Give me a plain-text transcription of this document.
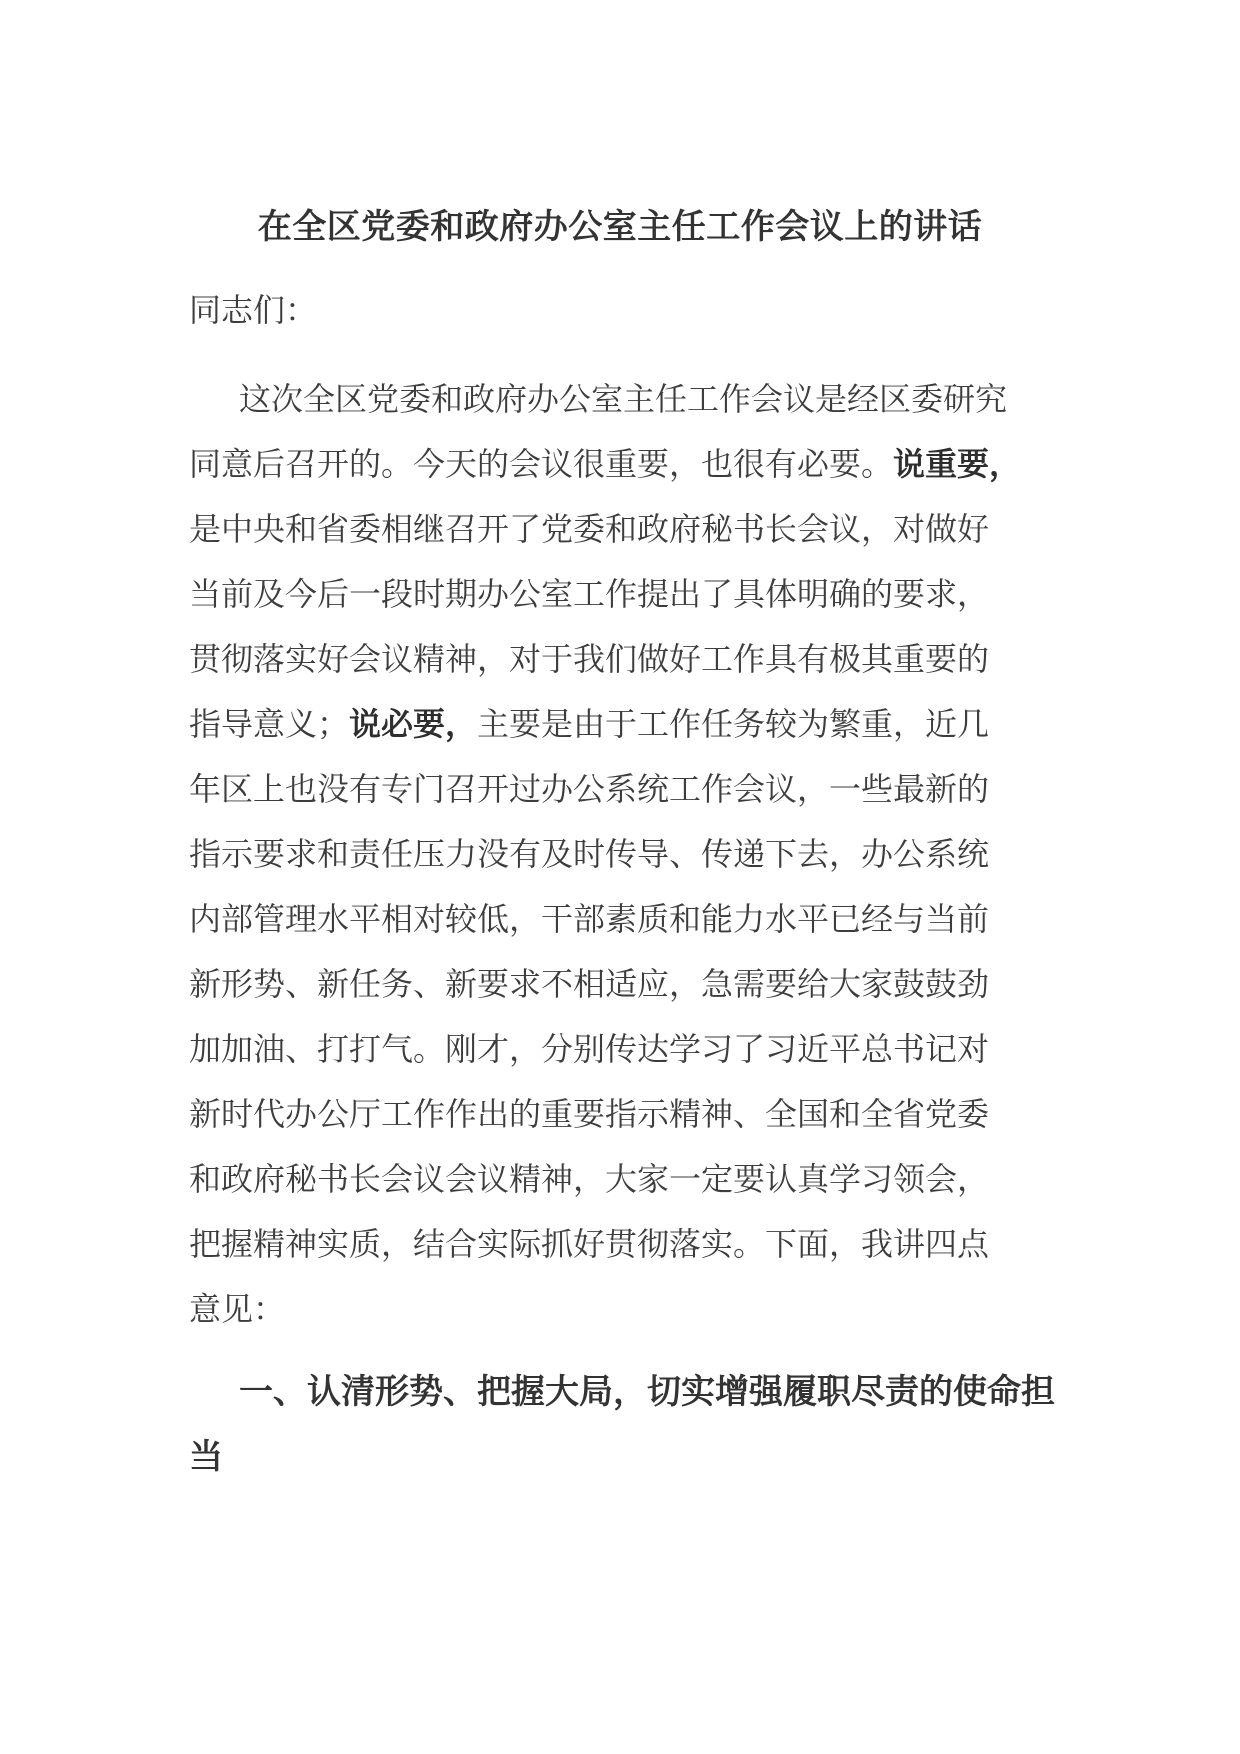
在全区党委和政府办公室主任工作会议上的讲话
同志们：
这次全区党委和政府办公室主任工作会议是经区委研究
同意后召开的。今天的会议很重要，也很有必要。说重要，
是中央和省委相继召开了党委和政府秘书长会议，对做好
当前及今后一段时期办公室工作提出了具体明确的要求，
贯彻落实好会议精神，对于我们做好工作具有极其重要的
指导意义；说必要，主要是由于工作任务较为繁重，近几
年区上也没有专门召开过办公系统工作会议，一些最新的
指示要求和责任压力没有及时传导、传递下去，办公系统
内部管理水平相对较低，干部素质和能力水平已经与当前
新形势、新任务、新要求不相适应，急需要给大家鼓鼓劲
加加油、打打气。刚才，分别传达学习了习近平总书记对
新时代办公厅工作作出的重要指示精神、全国和全省党委
和政府秘书长会议会议精神，大家一定要认真学习领会，
把握精神实质，结合实际抓好贯彻落实。下面，我讲四点
意见：
一、认清形势、把握大局，切实增强履职尽责的使命担
当
